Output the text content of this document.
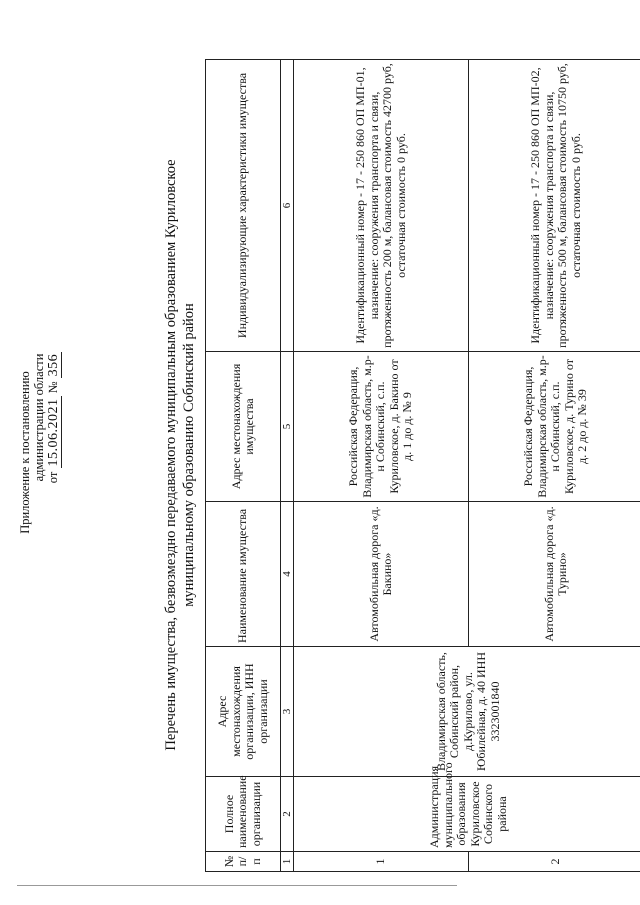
Приложение к постановлению администрации области от 15.06.2021 № 356	Перечень имущества, безвозмездно передаваемого муниципальным образованием Куриловское муниципальному образованию Собинский район
№ п/п	Полное наименование организации	Адрес местонахождения организации, ИНН организации	Наименование имущества	Адрес местонахождения имущества	Индивидуализирующие характеристики имущества
1	2	3	4	5	6
1	Администрация муниципального образования Куриловское Собинского района	Владимирская область, Собинский район, д.Курилово, ул. Юбилейная, д. 40 ИНН 3323001840	Автомобильная дорога «д. Бакино»	Российская Федерация, Владимирская область, м.р-н Собинский, с.п. Куриловское, д. Бакино от д. 1 до д. № 9	Идентификационный номер - 17 - 250 860 ОП МП-01, назначение: сооружения транспорта и связи, протяженность 200 м, балансовая стоимость 42700 руб, остаточная стоимость 0 руб.
2			Автомобильная дорога «д. Турино»	Российская Федерация, Владимирская область, м.р-н Собинский, с.п. Куриловское, д. Турино от д. 2 до д. № 39	Идентификационный номер - 17 - 250 860 ОП МП-02, назначение: сооружения транспорта и связи, протяженность 500 м, балансовая стоимость 10750 руб, остаточная стоимость 0 руб.
